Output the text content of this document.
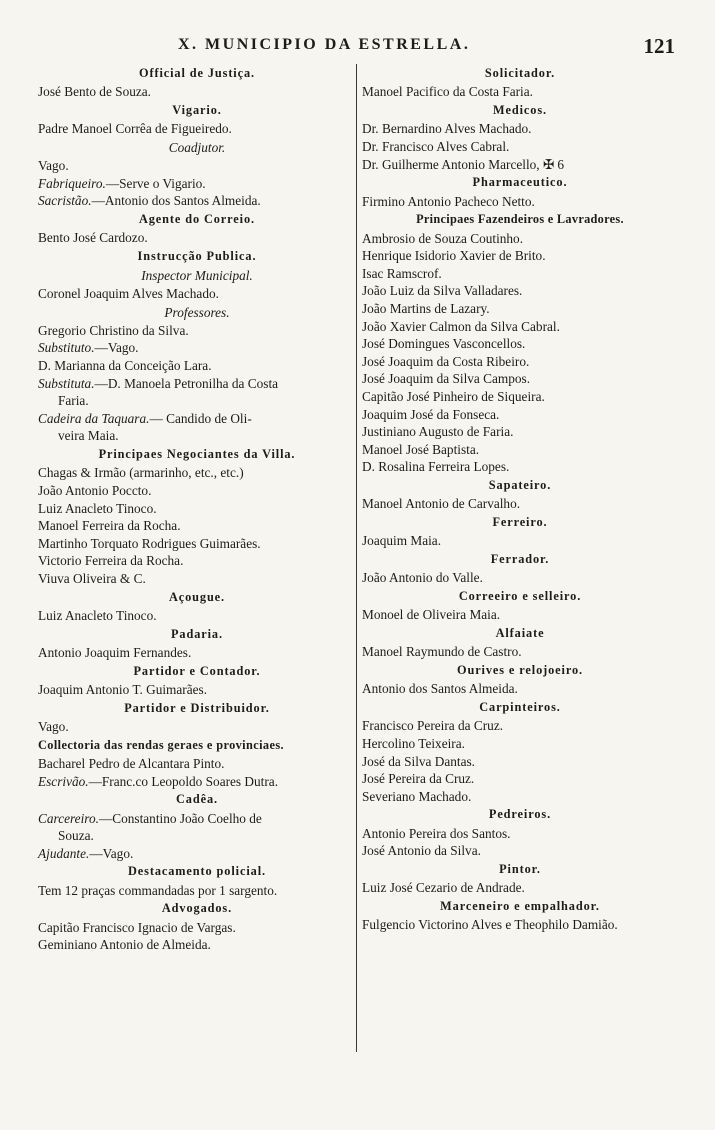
X. MUNICIPIO DA ESTRELLA.	121
Official de Justiça.
José Bento de Souza.
Vigario.
Padre Manoel Corrêa de Figueiredo.
Coadjutor.
Vago.
Fabriqueiro.—Serve o Vigario.
Sacristão.—Antonio dos Santos Almeida.
Agente do Correio.
Bento José Cardozo.
Instrucção Publica.
Inspector Municipal.
Coronel Joaquim Alves Machado.
Professores.
Gregorio Christino da Silva.
Substituto.—Vago.
D. Marianna da Conceição Lara.
Substituta.—D. Manoela Petronilha da Costa
Faria.
Cadeira da Taquara.— Candido de Oli-
veira Maia.
Principaes Negociantes da Villa.
Chagas & Irmão (armarinho, etc., etc.)
João Antonio Poccto.
Luiz Anacleto Tinoco.
Manoel Ferreira da Rocha.
Martinho Torquato Rodrigues Guimarães.
Victorio Ferreira da Rocha.
Viuva Oliveira & C.
Açougue.
Luiz Anacleto Tinoco.
Padaria.
Antonio Joaquim Fernandes.
Partidor e Contador.
Joaquim Antonio T. Guimarães.
Partidor e Distribuidor.
Vago.
Collectoria das rendas geraes e provinciaes.
Bacharel Pedro de Alcantara Pinto.
Escrivão.—Franc.co Leopoldo Soares Dutra.
Cadêa.
Carcereiro.—Constantino João Coelho de
Souza.
Ajudante.—Vago.
Destacamento policial.
Tem 12 praças commandadas por 1 sargento.
Advogados.
Capitão Francisco Ignacio de Vargas.
Geminiano Antonio de Almeida.
Solicitador.
Manoel Pacifico da Costa Faria.
Medicos.
Dr. Bernardino Alves Machado.
Dr. Francisco Alves Cabral.
Dr. Guilherme Antonio Marcello, ✠ 6
Pharmaceutico.
Firmino Antonio Pacheco Netto.
Principaes Fazendeiros e Lavradores.
Ambrosio de Souza Coutinho.
Henrique Isidorio Xavier de Brito.
Isac Ramscrof.
João Luiz da Silva Valladares.
João Martins de Lazary.
João Xavier Calmon da Silva Cabral.
José Domingues Vasconcellos.
José Joaquim da Costa Ribeiro.
José Joaquim da Silva Campos.
Capitão José Pinheiro de Siqueira.
Joaquim José da Fonseca.
Justiniano Augusto de Faria.
Manoel José Baptista.
D. Rosalina Ferreira Lopes.
Sapateiro.
Manoel Antonio de Carvalho.
Ferreiro.
Joaquim Maia.
Ferrador.
João Antonio do Valle.
Correeiro e selleiro.
Monoel de Oliveira Maia.
Alfaiate
Manoel Raymundo de Castro.
Ourives e relojoeiro.
Antonio dos Santos Almeida.
Carpinteiros.
Francisco Pereira da Cruz.
Hercolino Teixeira.
José da Silva Dantas.
José Pereira da Cruz.
Severiano Machado.
Pedreiros.
Antonio Pereira dos Santos.
José Antonio da Silva.
Pintor.
Luiz José Cezario de Andrade.
Marceneiro e empalhador.
Fulgencio Victorino Alves e Theophilo Damião.
